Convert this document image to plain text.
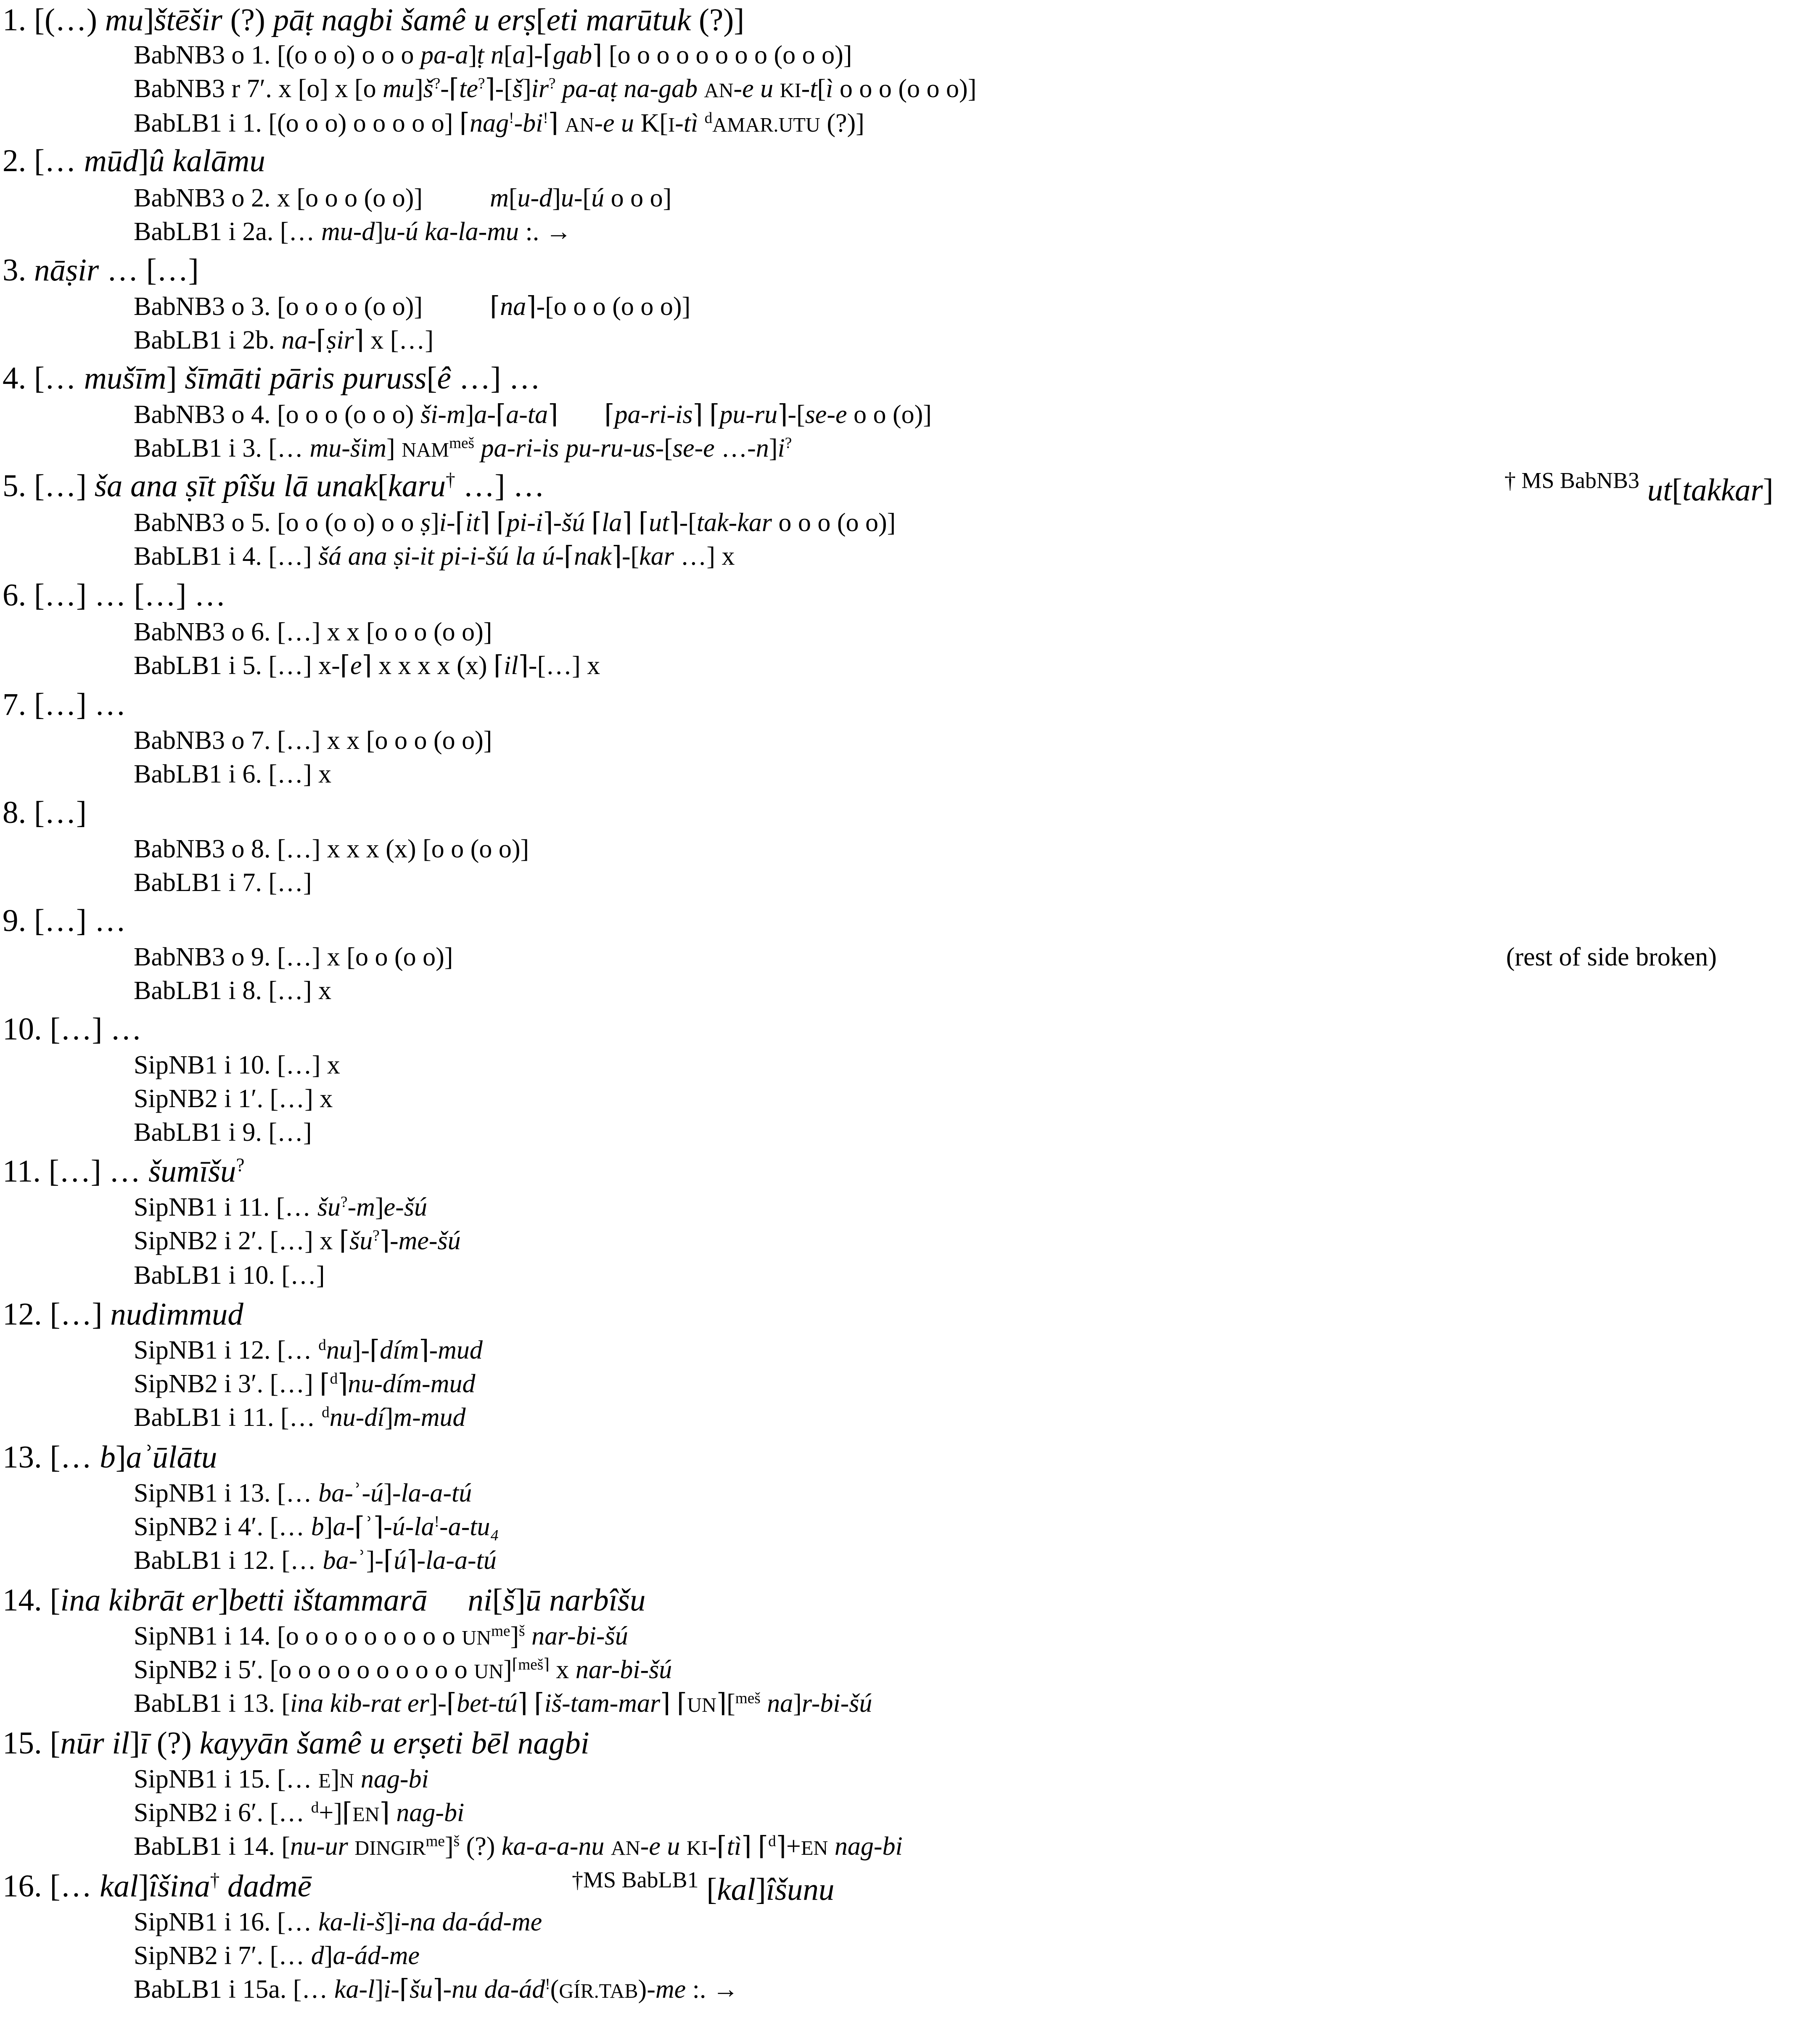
1. [(…) mu]štēšir (?) pāṭ nagbi šamê u erṣ[eti marūtuk (?)]
BabNB3 o 1. [(o o o) o o o pa-a]ṭ n[a]-⌈gab⌉ [o o o o o o o o (o o o)]
BabNB3 r 7′. x [o] x [o mu]š?-⌈te?⌉-[š]ir? pa-aṭ na-gab AN-e u KI-t[ì o o o (o o o)]
BabLB1 i 1. [(o o o) o o o o o] ⌈nag!-bi!⌉ AN-e u K[I-tì $^d$AMAR.UTU (?)]
2. [… mūd]û kalāmu
BabNB3 o 2. x [o o o (o o)]	m[u-d]u-[ú o o o]
BabLB1 i 2a. [… mu-d]u-ú ka-la-mu :. →
3. nāṣir … […]
BabNB3 o 3. [o o o o (o o)]	⌈na⌉-[o o o (o o o)]
BabLB1 i 2b. na-⌈ṣir⌉ x […]
4. [… mušīm] šīmāti pāris puruss[ê …] …
BabNB3 o 4. [o o o (o o o) ši-m]a-⌈a-ta⌉ ⌈pa-ri-is⌉ ⌈pu-ru⌉-[se-e o o (o)]
BabLB1 i 3. [… mu-šim] $NAM^{meš}$ pa-ri-is pu-ru-us-[se-e …-n]i?
5. […] ša ana ṣīt pîšu lā unak[karu† …] …	$^{\dagger MS BabNB3}$ ut[takkar]
BabNB3 o 5. [o o (o o) o o ṣ]i-⌈it⌉ ⌈pi-i⌉-šú ⌈la⌉ ⌈ut⌉-[tak-kar o o o (o o)]
BabLB1 i 4. […] šá ana ṣi-it pi-i-šú la ú-⌈nak⌉-[kar …] x
6. […] … […] …
BabNB3 o 6. […] x x [o o o (o o)]
BabLB1 i 5. […] x-⌈e⌉ x x x x (x) ⌈il⌉-[…] x
7. […] …
BabNB3 o 7. […] x x [o o o (o o)]
BabLB1 i 6. […] x
8. […]
BabNB3 o 8. […] x x x (x) [o o (o o)]
BabLB1 i 7. […]
9. […] …
BabNB3 o 9. […] x [o o (o o)]	(rest of side broken)
BabLB1 i 8. […] x
10. […] …
SipNB1 i 10. […] x
SipNB2 i 1′. […] x
BabLB1 i 9. […]
11. […] … šumīšu?
SipNB1 i 11. [… šu?-m]e-šú
SipNB2 i 2′. […] x ⌈šu?⌉-me-šú
BabLB1 i 10. […]
12. […] nudimmud
SipNB1 i 12. [… $^d$nu]-⌈dím⌉-mud
SipNB2 i 3′. […] ⌈$^d$⌉nu-dím-mud
BabLB1 i 11. [… $^d$nu-dí]m-mud
13. [… b]aʾūlātu
SipNB1 i 13. [… ba-ʾ-ú]-la-a-tú
SipNB2 i 4′. [… b]a-⌈ʾ⌉-ú-la!-a-tu₄
BabLB1 i 12. [… ba-ʾ]-⌈ú⌉-la-a-tú
14. [ina kibrāt er]betti ištammarā ni[š]ū narbîšu
SipNB1 i 14. [o o o o o o o o o $UN^{me}]^š$ nar-bi-šú
SipNB2 i 5′. [o o o o o o o o o o UN]$^{⌈meš⌉}$ x nar-bi-šú
BabLB1 i 13. [ina kib-rat er]-⌈bet-tú⌉ ⌈iš-tam-mar⌉ ⌈UN⌉[$^{meš}$ na]r-bi-šú
15. [nūr il]ī (?) kayyān šamê u erṣeti bēl nagbi
SipNB1 i 15. [… E]N nag-bi
SipNB2 i 6′. [… $^d$+]⌈EN⌉ nag-bi
BabLB1 i 14. [nu-ur $DINGIR^{me}]^š$ (?) ka-a-a-nu AN-e u KI-⌈tì⌉ ⌈$^d$⌉+EN nag-bi
16. [… kal]îšina† dadmē	$^{\dagger MS BabLB1}$ [kal]îšunu
SipNB1 i 16. [… ka-li-š]i-na da-ád-me
SipNB2 i 7′. [… d]a-ád-me
BabLB1 i 15a. [… ka-l]i-⌈šu⌉-nu da-ád!(GÍR.TAB)-me :. →
